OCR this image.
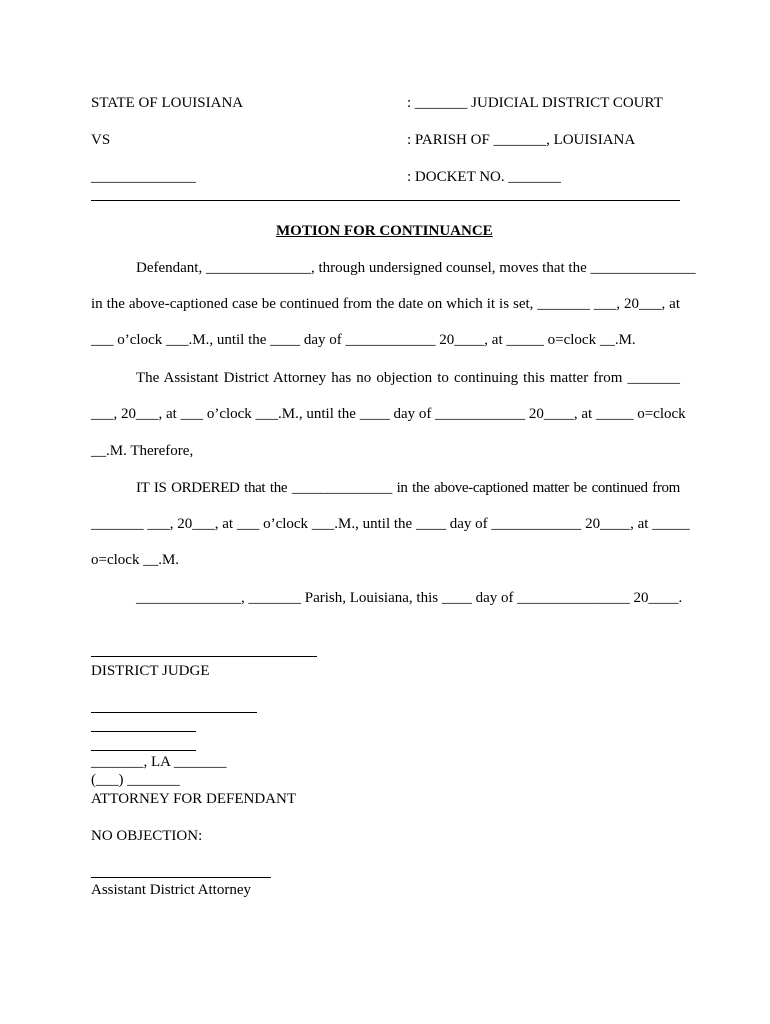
STATE OF LOUISIANA	: _______ JUDICIAL DISTRICT COURT
VS	: PARISH OF _______, LOUISIANA
______________	: DOCKET NO. _______
MOTION FOR CONTINUANCE
Defendant, ______________, through undersigned counsel, moves that the ______________
in the above-captioned case be continued from the date on which it is set, _______ ___, 20___, at
___ o’clock ___.M., until the ____ day of ____________ 20____, at _____ o=clock __.M.
The Assistant District Attorney has no objection to continuing this matter from _______
___, 20___, at ___ o’clock ___.M., until the ____ day of ____________ 20____, at _____ o=clock
__.M. Therefore,
IT IS ORDERED that the ______________ in the above-captioned matter be continued from
_______ ___, 20___, at ___ o’clock ___.M., until the ____ day of ____________ 20____, at _____
o=clock __.M.
______________, _______ Parish, Louisiana, this ____ day of _______________ 20____.
DISTRICT JUDGE
_______, LA _______
(___) _______
ATTORNEY FOR DEFENDANT
NO OBJECTION:
Assistant District Attorney
